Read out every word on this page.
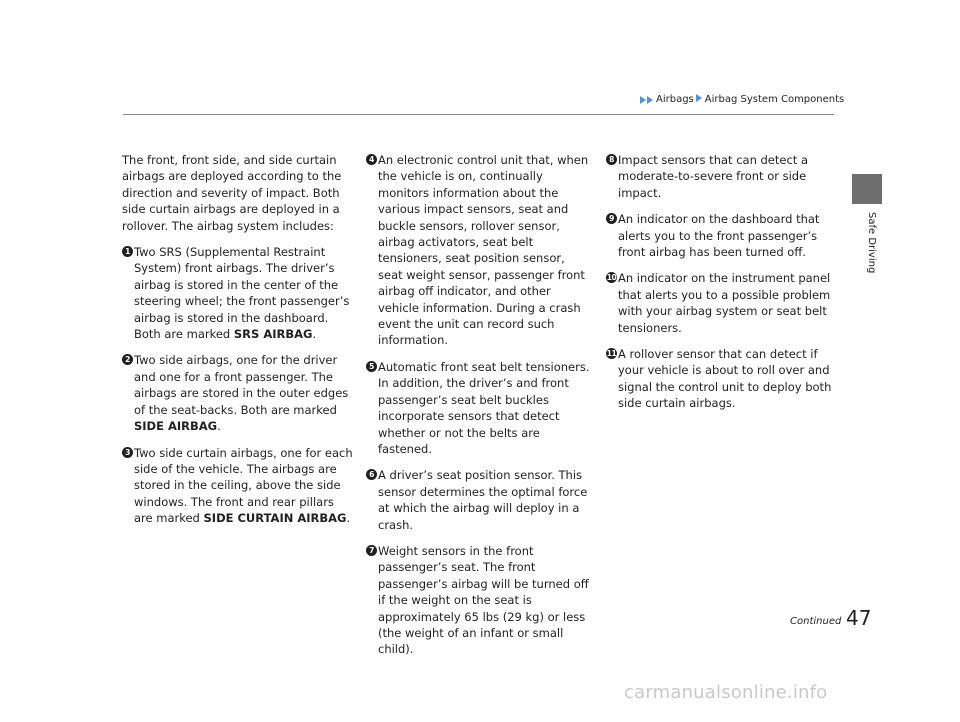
Airbags Airbag System Components
Safe Driving

The front, front side, and side curtain airbags are deployed according to the direction and severity of impact. Both side curtain airbags are deployed in a rollover. The airbag system includes:

1 Two SRS (Supplemental Restraint System) front airbags. The driver’s airbag is stored in the center of the steering wheel; the front passenger’s airbag is stored in the dashboard. Both are marked SRS AIRBAG.
2 Two side airbags, one for the driver and one for a front passenger. The airbags are stored in the outer edges of the seat-backs. Both are marked SIDE AIRBAG.
3 Two side curtain airbags, one for each side of the vehicle. The airbags are stored in the ceiling, above the side windows. The front and rear pillars are marked SIDE CURTAIN AIRBAG.
4 An electronic control unit that, when the vehicle is on, continually monitors information about the various impact sensors, seat and buckle sensors, rollover sensor, airbag activators, seat belt tensioners, seat position sensor, seat weight sensor, passenger front airbag off indicator, and other vehicle information. During a crash event the unit can record such information.
5 Automatic front seat belt tensioners. In addition, the driver’s and front passenger’s seat belt buckles incorporate sensors that detect whether or not the belts are fastened.
6 A driver’s seat position sensor. This sensor determines the optimal force at which the airbag will deploy in a crash.
7 Weight sensors in the front passenger’s seat. The front passenger’s airbag will be turned off if the weight on the seat is approximately 65 lbs (29 kg) or less (the weight of an infant or small child).
8 Impact sensors that can detect a moderate-to-severe front or side impact.
9 An indicator on the dashboard that alerts you to the front passenger’s front airbag has been turned off.
10 An indicator on the instrument panel that alerts you to a possible problem with your airbag system or seat belt tensioners.
11 A rollover sensor that can detect if your vehicle is about to roll over and signal the control unit to deploy both side curtain airbags.
Continued 47
carmanualsonline.info
